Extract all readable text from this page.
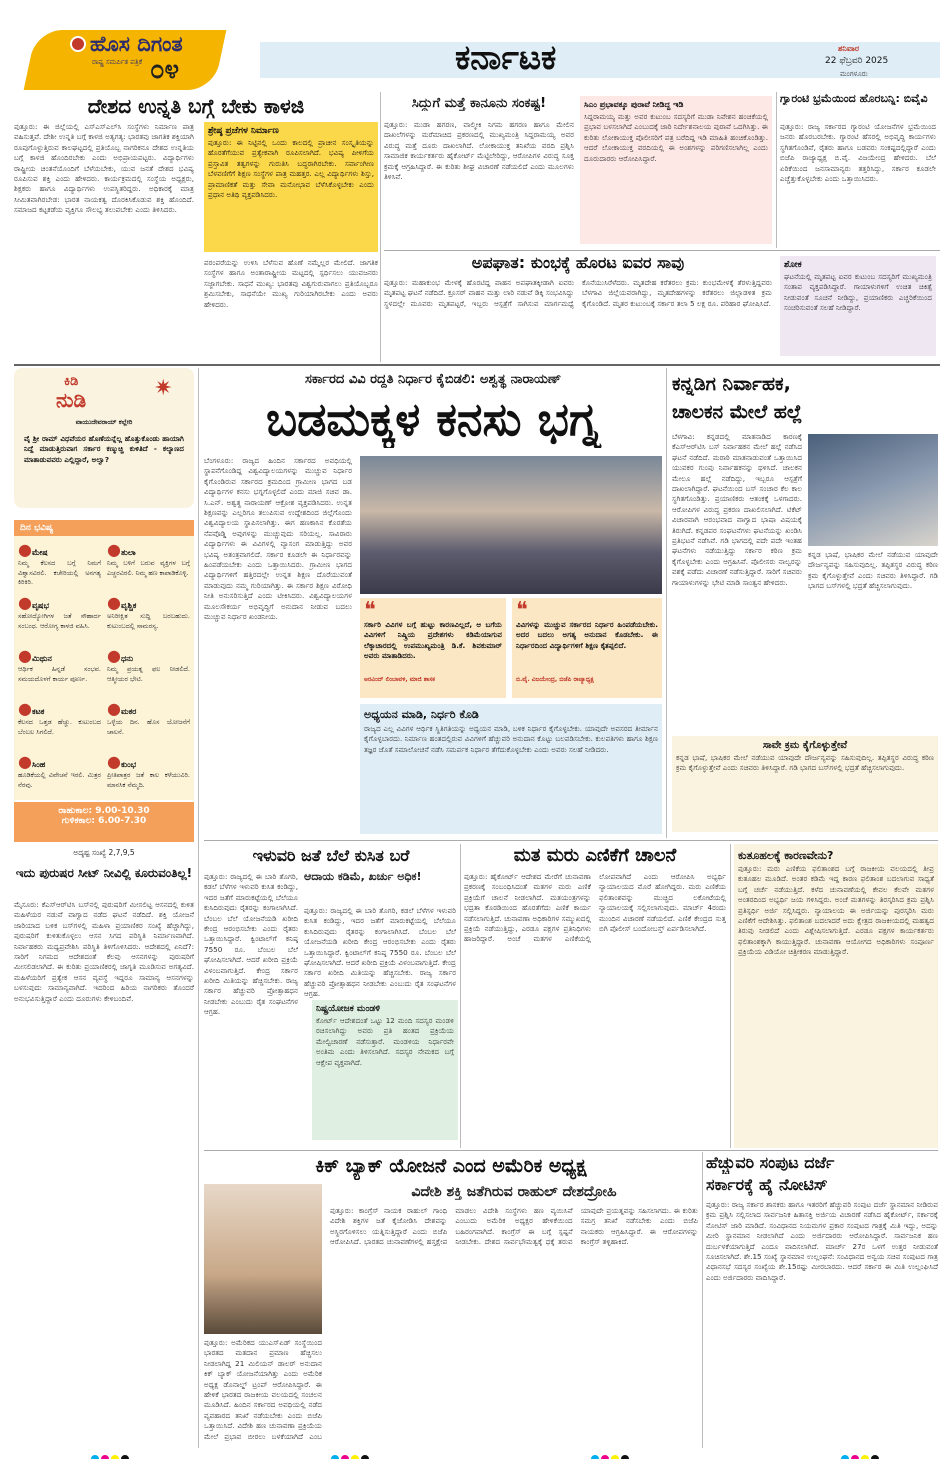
ಹೊಸ ದಿಗಂತ
ರಾಷ್ಟ್ರ ಸಮರ್ಪಿತ ಪತ್ರಿಕೆ ೦೪	ಕರ್ನಾಟಕ	ಶನಿವಾರ
22 ಫೆಬ್ರವರಿ 2025
ಮಂಗಳೂರು
ದೇಶದ ಉನ್ನತಿ ಬಗ್ಗೆ ಬೇಕು ಕಾಳಜಿ
ಪುತ್ತೂರು: ಈ ಜಿಲ್ಲೆಯಲ್ಲಿ ಎಸ್‌ಎಸ್‌ಎಲ್‌ಸಿ ಸಂಸ್ಥೆಗಳು ನಿರ್ಮಾಣ ಪಾತ್ರ ವಹಿಸುತ್ತವೆ. ದೇಶೀ ಉನ್ನತಿ ಬಗ್ಗೆ ಕಾಳಜಿ ಅತ್ಯಗತ್ಯ: ಭಾರತವು ಜಾಗತಿಕ ಶಕ್ತಿಯಾಗಿ ರೂಪುಗೊಳ್ಳುತ್ತಿರುವ ಕಾಲಘಟ್ಟದಲ್ಲಿ ಪ್ರತಿಯೊಬ್ಬ ನಾಗರಿಕನೂ ದೇಶದ ಉನ್ನತಿಯ ಬಗ್ಗೆ ಕಾಳಜಿ ಹೊಂದಿರಬೇಕು ಎಂದು ಅಭಿಪ್ರಾಯಪಟ್ಟರು. ವಿದ್ಯಾರ್ಥಿಗಳು ರಾಷ್ಟ್ರೀಯ ಚಿಂತನೆಯೊಂದಿಗೆ ಬೆಳೆಯಬೇಕು, ಯುವ ಜನತೆ ದೇಶದ ಭವಿಷ್ಯ ರೂಪಿಸುವ ಶಕ್ತಿ ಎಂದು ಹೇಳಿದರು. ಕಾರ್ಯಕ್ರಮದಲ್ಲಿ ಸಂಸ್ಥೆಯ ಅಧ್ಯಕ್ಷರು, ಶಿಕ್ಷಕರು ಹಾಗೂ ವಿದ್ಯಾರ್ಥಿಗಳು ಉಪಸ್ಥಿತರಿದ್ದರು. ಅಧಿಕಾರಕ್ಕೆ ಮಾತ್ರ ಸೀಮಿತವಾಗಿರಬೇಡ: ಭಾರತ ನಾಯಕತ್ವ ದೊರಕಿಸಿಕೊಡುವ ಶಕ್ತಿ ಹೊಂದಿದೆ. ಸಮಾಜದ ಕಟ್ಟಕಡೆಯ ವ್ಯಕ್ತಿಗೂ ಸೌಲಭ್ಯ ತಲುಪಬೇಕು ಎಂದು ತಿಳಿಸಿದರು.
ಶ್ರೇಷ್ಠ ಪ್ರಜೆಗಳ ನಿರ್ಮಾಣ
ಪುತ್ತೂರು: ಈ ನಿಟ್ಟಿನಲ್ಲಿ ಒಂದು ಕಾಲದಲ್ಲಿ ಪ್ರಾಚೀನ ಸಂಸ್ಕೃತಿಯನ್ನು ಹೊರತೆಗೆಯುವ ಪ್ರತ್ಯೇಕವಾಗಿ ರೂಪಿಸಲಾಗಿದೆ. ಭವಿಷ್ಯ ಪೀಳಿಗೆಯ ಪ್ರಸ್ತಾವಿತ ತತ್ವಗಳನ್ನು ಗುರುತಿಸಿ ಬದ್ಧರಾಗಿರಬೇಕು. ಸರ್ವಾಂಗೀಣ ಬೆಳವಣಿಗೆಗೆ ಶಿಕ್ಷಣ ಸಂಸ್ಥೆಗಳ ಪಾತ್ರ ಮಹತ್ತರ. ಎಲ್ಲ ವಿದ್ಯಾರ್ಥಿಗಳು ಶಿಸ್ತು, ಪ್ರಾಮಾಣಿಕತೆ ಮತ್ತು ಸೇವಾ ಮನೋಭಾವ ಬೆಳೆಸಿಕೊಳ್ಳಬೇಕು ಎಂದು ಪ್ರಧಾನ ಅತಿಥಿ ವ್ಯಕ್ತಪಡಿಸಿದರು.
ಪರಂಪರೆಯನ್ನು ಉಳಿಸಿ ಬೆಳೆಸುವ ಹೊಣೆ ನಮ್ಮೆಲ್ಲರ ಮೇಲಿದೆ. ಜಾಗತಿಕ ಸಂಸ್ಥೆಗಳ ಹಾಗೂ ಅಂತಾರಾಷ್ಟ್ರೀಯ ಮಟ್ಟದಲ್ಲಿ ಸ್ಪರ್ಧಿಸಲು ಯುವಜನರು ಸಜ್ಜಾಗಬೇಕು. ಸಾಧನೆ ಮುಖ್ಯ: ಭಾರತವು ವಿಶ್ವಗುರುವಾಗಲು ಪ್ರತಿಯೊಬ್ಬರೂ ಶ್ರಮಿಸಬೇಕು, ಸಾಧನೆಯೇ ಮುಖ್ಯ ಗುರಿಯಾಗಿರಬೇಕು ಎಂದು ಅವರು ಹೇಳಿದರು.
ಸಿದ್ದುಗೆ ಮತ್ತೆ ಕಾನೂನು ಸಂಕಷ್ಟ!
ಪುತ್ತೂರು: ಮುಡಾ ಹಗರಣ, ವಾಲ್ಮೀಕಿ ನಿಗಮ ಹಗರಣ ಹಾಗೂ ಮೇಲಿನ ದಾಖಲೆಗಳನ್ನು ಮರೆಮಾಚಿದ ಪ್ರಕರಣದಲ್ಲಿ ಮುಖ್ಯಮಂತ್ರಿ ಸಿದ್ದರಾಮಯ್ಯ ಅವರ ವಿರುದ್ಧ ಮತ್ತೆ ದೂರು ದಾಖಲಾಗಿದೆ. ಲೋಕಾಯುಕ್ತ ತನಿಖೆಯ ವರದಿ ಪ್ರಶ್ನಿಸಿ ಸಾಮಾಜಿಕ ಕಾರ್ಯಕರ್ತರು ಹೈಕೋರ್ಟ್ ಮೆಟ್ಟಿಲೇರಿದ್ದು, ಆರೋಪಿಗಳ ವಿರುದ್ಧ ಸೂಕ್ತ ಕ್ರಮಕ್ಕೆ ಆಗ್ರಹಿಸಿದ್ದಾರೆ. ಈ ಕುರಿತು ಶೀಘ್ರ ವಿಚಾರಣೆ ನಡೆಯಲಿದೆ ಎಂದು ಮೂಲಗಳು ತಿಳಿಸಿವೆ.
ಸಿಎಂ ಪ್ರಭಾವಕ್ಕೂ ಪುರಾವೆ ನೀಡಿದ್ದ ಇಡಿ
ಸಿದ್ದರಾಮಯ್ಯ ಮತ್ತು ಅವರ ಕುಟುಂಬ ಸದಸ್ಯರಿಗೆ ಮುಡಾ ನಿವೇಶನ ಹಂಚಿಕೆಯಲ್ಲಿ ಪ್ರಭಾವ ಬಳಸಲಾಗಿದೆ ಎಂಬುದಕ್ಕೆ ಜಾರಿ ನಿರ್ದೇಶನಾಲಯ ಪುರಾವೆ ಒದಗಿಸಿತ್ತು. ಈ ಕುರಿತು ಲೋಕಾಯುಕ್ತ ಪೊಲೀಸರಿಗೆ ಪತ್ರ ಬರೆದಿದ್ದ ಇಡಿ ಮಾಹಿತಿ ಹಂಚಿಕೊಂಡಿತ್ತು. ಆದರೆ ಲೋಕಾಯುಕ್ತ ವರದಿಯಲ್ಲಿ ಈ ಅಂಶಗಳನ್ನು ಪರಿಗಣಿಸಲಾಗಿಲ್ಲ ಎಂದು ದೂರುದಾರರು ಆರೋಪಿಸಿದ್ದಾರೆ.
ಗ್ಯಾರಂಟಿ ಭ್ರಮೆಯಿಂದ ಹೊರಬನ್ನಿ: ಬಿವೈವಿ
ಪುತ್ತೂರು: ರಾಜ್ಯ ಸರ್ಕಾರದ ಗ್ಯಾರಂಟಿ ಯೋಜನೆಗಳ ಭ್ರಮೆಯಿಂದ ಜನರು ಹೊರಬರಬೇಕು. ಗ್ಯಾರಂಟಿ ಹೆಸರಲ್ಲಿ ಅಭಿವೃದ್ಧಿ ಕಾರ್ಯಗಳು ಸ್ಥಗಿತಗೊಂಡಿವೆ, ರೈತರು ಹಾಗೂ ಬಡವರು ಸಂಕಷ್ಟದಲ್ಲಿದ್ದಾರೆ ಎಂದು ಬಿಜೆಪಿ ರಾಜ್ಯಾಧ್ಯಕ್ಷ ಬಿ.ವೈ. ವಿಜಯೇಂದ್ರ ಹೇಳಿದರು. ಬೆಲೆ ಏರಿಕೆಯಿಂದ ಜನಸಾಮಾನ್ಯರು ತತ್ತರಿಸಿದ್ದು, ಸರ್ಕಾರ ಕೂಡಲೇ ಎಚ್ಚೆತ್ತುಕೊಳ್ಳಬೇಕು ಎಂದು ಒತ್ತಾಯಿಸಿದರು.
ಅಪಘಾತ: ಕುಂಭಕ್ಕೆ ಹೊರಟ ಐವರ ಸಾವು
ಪುತ್ತೂರು: ಮಹಾಕುಂಭ ಮೇಳಕ್ಕೆ ಹೊರಟಿದ್ದ ವಾಹನ ಅಪಘಾತಕ್ಕೀಡಾಗಿ ಐವರು ಮೃತಪಟ್ಟ ಘಟನೆ ನಡೆದಿದೆ. ಕ್ರೂಸರ್ ವಾಹನ ಮತ್ತು ಲಾರಿ ನಡುವೆ ಡಿಕ್ಕಿ ಸಂಭವಿಸಿದ್ದು ಸ್ಥಳದಲ್ಲೇ ಮೂವರು ಮೃತಪಟ್ಟರೆ, ಇಬ್ಬರು ಆಸ್ಪತ್ರೆಗೆ ಸಾಗಿಸುವ ಮಾರ್ಗಮಧ್ಯೆ ಕೊನೆಯುಸಿರೆಳೆದರು. ಮೃತದೇಹ ಕರೆತರಲು ಕ್ರಮ: ಕುಂಭಮೇಳಕ್ಕೆ ತೆರಳುತ್ತಿದ್ದವರು ಬೆಳಗಾವಿ ಜಿಲ್ಲೆಯವರಾಗಿದ್ದು, ಮೃತದೇಹಗಳನ್ನು ಕರೆತರಲು ಜಿಲ್ಲಾಡಳಿತ ಕ್ರಮ ಕೈಗೊಂಡಿದೆ. ಮೃತರ ಕುಟುಂಬಕ್ಕೆ ಸರ್ಕಾರ ತಲಾ 5 ಲಕ್ಷ ರೂ. ಪರಿಹಾರ ಘೋಷಿಸಿದೆ.
ಶೋಕ
ಘಟನೆಯಲ್ಲಿ ಮೃತಪಟ್ಟ ಐವರ ಕುಟುಂಬ ಸದಸ್ಯರಿಗೆ ಮುಖ್ಯಮಂತ್ರಿ ಸಂತಾಪ ವ್ಯಕ್ತಪಡಿಸಿದ್ದಾರೆ. ಗಾಯಾಳುಗಳಿಗೆ ಉಚಿತ ಚಿಕಿತ್ಸೆ ನೀಡುವಂತೆ ಸೂಚನೆ ನೀಡಿದ್ದು, ಪ್ರಯಾಣಿಕರು ಎಚ್ಚರಿಕೆಯಿಂದ ಸಂಚರಿಸುವಂತೆ ಸಲಹೆ ನೀಡಿದ್ದಾರೆ.
ಕಿಡಿ
ನುಡಿ	✷
ವಾಯುದೇವರಾಯ್ ಕಲ್ಲೇರಿ
ವೈ ಶ್ರೀ ರಾಮ್ ವಿಧವೆಯರ ಹೊಣೆಯನ್ನೆಲ್ಲ ಹೊತ್ತುಕೊಂಡು ಹಾಯಾಗಿ ನಿದ್ದೆ ಮಾಡುತ್ತಿರುವಾಗ ಸರ್ಕಾರ ಕಣ್ಮುಚ್ಚಿ ಕುಳಿತಿದೆ - ಕಲ್ಯಾಣದ ಮಾತಾಡುವವರು ಎಲ್ಲಿದ್ದಾರೆ, ಅಲ್ವಾ?
ದಿನ ಭವಿಷ್ಯ
●ಮೇಷ
ನಿಮ್ಮ ಕೆಲಸದ ಬಗ್ಗೆ ನಿಮಗೆ ವಿಶ್ವಾಸವಿರಲಿ. ಕಚೇರಿಯಲ್ಲಿ ಅನಗತ್ಯ ಕಿರಿಕಿರಿ.
●ತುಲಾ
ನಿಮ್ಮ ಬಳಿಗೆ ಬರುವ ವ್ಯಕ್ತಿಗಳ ಬಗ್ಗೆ ಎಚ್ಚರವಿರಲಿ. ನಿಮ್ಮ ಹಣ ಕಾಪಾಡಿಕೊಳ್ಳಿ.
●ವೃಷಭ
ಸಹೋದ್ಯೋಗಿಗಳ ಜತೆ ಸೌಹಾರ್ದ ಸಂಬಂಧ. ಆರೋಗ್ಯ ಕಾಳಜಿ ವಹಿಸಿ.
●ವೃಶ್ಚಿಕ
ಅನಿರೀಕ್ಷಿತ ಸುದ್ದಿ ಬರಬಹುದು. ಕುಟುಂಬದಲ್ಲಿ ಸಾಮರಸ್ಯ.
●ಮಿಥುನ
ಆರ್ಥಿಕ ಹಿನ್ನಡೆ ಸಂಭವ. ಸಮಯದೊಳಗೆ ಕಾರ್ಯ ಪೂರ್ಣ.
●ಧನು
ನಿಮ್ಮ ಪ್ರಯತ್ನ ಫಲ ನೀಡಲಿದೆ. ಆತ್ಮೀಯರ ಭೇಟಿ.
●ಕಟಕ
ಕೆಲಸದ ಒತ್ತಡ ಹೆಚ್ಚು. ಕುಟುಂಬದ ಬೆಂಬಲ ಸಿಗಲಿದೆ.
●ಮಕರ
ಒಳ್ಳೆಯ ದಿನ. ಹೊಸ ಯೋಜನೆಗೆ ಚಾಲನೆ.
●ಸಿಂಹ
ಹೂಡಿಕೆಯಲ್ಲಿ ವಿವೇಚನೆ ಇರಲಿ. ಮಿತ್ರರ ನೆರವು.
●ಕುಂಭ
ಪ್ರೀತಿಪಾತ್ರರ ಜತೆ ಕಾಲ ಕಳೆಯುವಿರಿ. ಮಾನಸಿಕ ನೆಮ್ಮದಿ.
ರಾಹುಕಾಲ: 9.00-10.30
ಗುಳಿಕಕಾಲ: 6.00-7.30
ಅದೃಷ್ಟ ಸಂಖ್ಯೆ 2,7,9,5
ಇದು ಪುರುಷರ ಸೀಟ್ ನೀವಿಲ್ಲಿ ಕೂರುವಂತಿಲ್ಲ!
ಮೈಸೂರು: ಕೆಎಸ್‌ಆರ್‌ಟಿಸಿ ಬಸ್‌ನಲ್ಲಿ ಪುರುಷರಿಗೆ ಮೀಸಲಿಟ್ಟ ಆಸನದಲ್ಲಿ ಕುಳಿತ ಮಹಿಳೆಯರ ನಡುವೆ ವಾಗ್ವಾದ ನಡೆದ ಘಟನೆ ನಡೆದಿದೆ. ಶಕ್ತಿ ಯೋಜನೆ ಜಾರಿಯಾದ ಬಳಿಕ ಬಸ್‌ಗಳಲ್ಲಿ ಮಹಿಳಾ ಪ್ರಯಾಣಿಕರ ಸಂಖ್ಯೆ ಹೆಚ್ಚಾಗಿದ್ದು, ಪುರುಷರಿಗೆ ಕುಳಿತುಕೊಳ್ಳಲು ಆಸನ ಸಿಗದ ಪರಿಸ್ಥಿತಿ ನಿರ್ಮಾಣವಾಗಿದೆ. ನಿರ್ವಾಹಕರು ಮಧ್ಯಪ್ರವೇಶಿಸಿ ಪರಿಸ್ಥಿತಿ ತಿಳಿಗೊಳಿಸಿದರು. ಆದೇಶದಲ್ಲಿ ಏನಿದೆ?: ಸಾರಿಗೆ ನಿಗಮದ ಆದೇಶದಂತೆ ಕೆಲವು ಆಸನಗಳನ್ನು ಪುರುಷರಿಗೆ ಮೀಸಲಿಡಲಾಗಿದೆ. ಈ ಕುರಿತು ಪ್ರಯಾಣಿಕರಲ್ಲಿ ಜಾಗೃತಿ ಮೂಡಿಸುವ ಅಗತ್ಯವಿದೆ. ಮಹಿಳೆಯರಿಗೆ ಪ್ರತ್ಯೇಕ ಆಸನ ವ್ಯವಸ್ಥೆ ಇದ್ದರೂ ಸಾಮಾನ್ಯ ಆಸನಗಳನ್ನು ಬಳಸುವುದು ಸಾಮಾನ್ಯವಾಗಿದೆ. ಇದರಿಂದ ಹಿರಿಯ ನಾಗರಿಕರು ತೊಂದರೆ ಅನುಭವಿಸುತ್ತಿದ್ದಾರೆ ಎಂದು ದೂರುಗಳು ಕೇಳಿಬಂದಿವೆ.
ಸರ್ಕಾರದ ವಿವಿ ರದ್ದತಿ ನಿರ್ಧಾರ ಕೈಬಿಡಲಿ: ಅಶ್ವತ್ಥ ನಾರಾಯಣ್
ಬಡಮಕ್ಕಳ ಕನಸು ಭಗ್ನ
ಬೆಂಗಳೂರು: ರಾಜ್ಯದ ಹಿಂದಿನ ಸರ್ಕಾರದ ಅವಧಿಯಲ್ಲಿ ಸ್ಥಾಪನೆಗೊಂಡಿದ್ದ ವಿಶ್ವವಿದ್ಯಾಲಯಗಳನ್ನು ಮುಚ್ಚುವ ನಿರ್ಧಾರ ಕೈಗೊಂಡಿರುವ ಸರ್ಕಾರದ ಕ್ರಮದಿಂದ ಗ್ರಾಮೀಣ ಭಾಗದ ಬಡ ವಿದ್ಯಾರ್ಥಿಗಳ ಕನಸು ಭಗ್ನಗೊಳ್ಳಲಿದೆ ಎಂದು ಮಾಜಿ ಸಚಿವ ಡಾ. ಸಿ.ಎನ್. ಅಶ್ವತ್ಥ ನಾರಾಯಣ್ ಆಕ್ರೋಶ ವ್ಯಕ್ತಪಡಿಸಿದರು. ಉನ್ನತ ಶಿಕ್ಷಣವನ್ನು ಎಲ್ಲರಿಗೂ ತಲುಪಿಸುವ ಉದ್ದೇಶದಿಂದ ಜಿಲ್ಲೆಗೊಂದು ವಿಶ್ವವಿದ್ಯಾಲಯ ಸ್ಥಾಪಿಸಲಾಗಿತ್ತು. ಈಗ ಹಣಕಾಸಿನ ಕೊರತೆಯ ನೆಪವೊಡ್ಡಿ ಅವುಗಳನ್ನು ಮುಚ್ಚುವುದು ಸರಿಯಲ್ಲ. ಸಾವಿರಾರು ವಿದ್ಯಾರ್ಥಿಗಳು ಈ ವಿವಿಗಳಲ್ಲಿ ವ್ಯಾಸಂಗ ಮಾಡುತ್ತಿದ್ದು ಅವರ ಭವಿಷ್ಯ ಅತಂತ್ರವಾಗಲಿದೆ. ಸರ್ಕಾರ ಕೂಡಲೇ ಈ ನಿರ್ಧಾರವನ್ನು ಹಿಂಪಡೆಯಬೇಕು ಎಂದು ಒತ್ತಾಯಿಸಿದರು. ಗ್ರಾಮೀಣ ಭಾಗದ ವಿದ್ಯಾರ್ಥಿಗಳಿಗೆ ಹತ್ತಿರದಲ್ಲೇ ಉನ್ನತ ಶಿಕ್ಷಣ ದೊರೆಯುವಂತೆ ಮಾಡುವುದು ನಮ್ಮ ಗುರಿಯಾಗಿತ್ತು. ಈ ಸರ್ಕಾರ ಶಿಕ್ಷಣ ವಿರೋಧಿ ನೀತಿ ಅನುಸರಿಸುತ್ತಿದೆ ಎಂದು ಟೀಕಿಸಿದರು. ವಿಶ್ವವಿದ್ಯಾಲಯಗಳ ಮೂಲಸೌಕರ್ಯ ಅಭಿವೃದ್ಧಿಗೆ ಅನುದಾನ ನೀಡುವ ಬದಲು ಮುಚ್ಚುವ ನಿರ್ಧಾರ ಖಂಡನೀಯ.	❝
ಸರ್ಕಾರಿ ವಿವಿಗಳ ಬಗ್ಗೆ ಹುಟ್ಟು ಕಾರಣವಿಲ್ಲದೆ, ಆ ಬಗೆಯ ವಿವಿಗಳಿಗೆ ನಿಷ್ಕ್ರಿಯ ಪ್ರದೇಶಗಳು ಕಡಿಮೆಯಾಗುವ ಲೆಕ್ಕಾಚಾರದಲ್ಲಿ ಉಪಮುಖ್ಯಮಂತ್ರಿ ಡಿ.ಕೆ. ಶಿವಕುಮಾರ್ ಅವರು ಮಾತಾಡಿದರು.
ಅರವಿಂದ್ ಲಿಂಬಾವಳಿ, ಮಾಜಿ ಶಾಸಕ
❝
ವಿವಿಗಳನ್ನು ಮುಚ್ಚುವ ಸರ್ಕಾರದ ನಿರ್ಧಾರ ಹಿಂಪಡೆಯಬೇಕು. ಅದರ ಬದಲು ಅಗತ್ಯ ಅನುದಾನ ಕೊಡಬೇಕು. ಈ ನಿರ್ಧಾರದಿಂದ ವಿದ್ಯಾರ್ಥಿಗಳಿಗೆ ಶಿಕ್ಷಣ ಕೈತಪ್ಪಲಿದೆ.
ಬಿ.ವೈ. ವಿಜಯೇಂದ್ರ, ಬಿಜೆಪಿ ರಾಜ್ಯಾಧ್ಯಕ್ಷ
ಅಧ್ಯಯನ ಮಾಡಿ, ನಿರ್ಧರಿ ಕೊಡಿ
ರಾಜ್ಯದ ಎಲ್ಲ ವಿವಿಗಳ ಆರ್ಥಿಕ ಸ್ಥಿತಿಗತಿಯನ್ನು ಅಧ್ಯಯನ ಮಾಡಿ, ಬಳಿಕ ನಿರ್ಧಾರ ಕೈಗೊಳ್ಳಬೇಕು. ಯಾವುದೇ ಅವಸರದ ತೀರ್ಮಾನ ಕೈಗೊಳ್ಳಬಾರದು. ನಿರ್ಮಾಣ ಹಂತದಲ್ಲಿರುವ ವಿವಿಗಳಿಗೆ ಹೆಚ್ಚುವರಿ ಅನುದಾನ ಕೊಟ್ಟು ಬಲಪಡಿಸಬೇಕು. ಕುಲಪತಿಗಳು ಹಾಗೂ ಶಿಕ್ಷಣ ತಜ್ಞರ ಜೊತೆ ಸಮಾಲೋಚನೆ ನಡೆಸಿ ಸಮರ್ಪಕ ನಿರ್ಧಾರ ತೆಗೆದುಕೊಳ್ಳಬೇಕು ಎಂದು ಅವರು ಸಲಹೆ ನೀಡಿದರು.
ಕನ್ನಡಿಗ ನಿರ್ವಾಹಕ,
ಚಾಲಕನ ಮೇಲೆ ಹಲ್ಲೆ
ಬೆಳಗಾವಿ: ಕನ್ನಡದಲ್ಲಿ ಮಾತನಾಡಿದ ಕಾರಣಕ್ಕೆ ಕೆಎಸ್‌ಆರ್‌ಟಿಸಿ ಬಸ್ ನಿರ್ವಾಹಕನ ಮೇಲೆ ಹಲ್ಲೆ ನಡೆಸಿದ ಘಟನೆ ನಡೆದಿದೆ. ಮರಾಠಿ ಮಾತನಾಡುವಂತೆ ಒತ್ತಾಯಿಸಿದ ಯುವಕರ ಗುಂಪು ನಿರ್ವಾಹಕನನ್ನು ಥಳಿಸಿದೆ. ಚಾಲಕನ ಮೇಲೂ ಹಲ್ಲೆ ನಡೆದಿದ್ದು, ಇಬ್ಬರೂ ಆಸ್ಪತ್ರೆಗೆ ದಾಖಲಾಗಿದ್ದಾರೆ. ಘಟನೆಯಿಂದ ಬಸ್ ಸಂಚಾರ ಕೆಲ ಕಾಲ ಸ್ಥಗಿತಗೊಂಡಿತ್ತು. ಪ್ರಯಾಣಿಕರು ಆತಂಕಕ್ಕೆ ಒಳಗಾದರು. ಆರೋಪಿಗಳ ವಿರುದ್ಧ ಪ್ರಕರಣ ದಾಖಲಿಸಲಾಗಿದೆ. ಟಿಕೆಟ್ ವಿಚಾರವಾಗಿ ಆರಂಭವಾದ ವಾಗ್ವಾದ ಭಾಷಾ ವಿಷಯಕ್ಕೆ ತಿರುಗಿದೆ. ಕನ್ನಡಪರ ಸಂಘಟನೆಗಳು ಘಟನೆಯನ್ನು ಖಂಡಿಸಿ ಪ್ರತಿಭಟನೆ ನಡೆಸಿವೆ. ಗಡಿ ಭಾಗದಲ್ಲಿ ಪದೇ ಪದೇ ಇಂತಹ ಘಟನೆಗಳು ನಡೆಯುತ್ತಿದ್ದು ಸರ್ಕಾರ ಕಠಿಣ ಕ್ರಮ ಕೈಗೊಳ್ಳಬೇಕು ಎಂದು ಆಗ್ರಹಿಸಿವೆ. ಪೊಲೀಸರು ನಾಲ್ವರನ್ನು ವಶಕ್ಕೆ ಪಡೆದು ವಿಚಾರಣೆ ನಡೆಸುತ್ತಿದ್ದಾರೆ. ಸಾರಿಗೆ ಸಚಿವರು ಗಾಯಾಳುಗಳನ್ನು ಭೇಟಿ ಮಾಡಿ ಸಾಂತ್ವನ ಹೇಳಿದರು.
ಕನ್ನಡ ಭಾಷೆ, ಭಾಷಿಕರ ಮೇಲೆ ನಡೆಯುವ ಯಾವುದೇ ದೌರ್ಜನ್ಯವನ್ನು ಸಹಿಸುವುದಿಲ್ಲ. ತಪ್ಪಿತಸ್ಥರ ವಿರುದ್ಧ ಕಠಿಣ ಕ್ರಮ ಕೈಗೊಳ್ಳುತ್ತೇವೆ ಎಂದು ಸಚಿವರು ತಿಳಿಸಿದ್ದಾರೆ. ಗಡಿ ಭಾಗದ ಬಸ್‌ಗಳಲ್ಲಿ ಭದ್ರತೆ ಹೆಚ್ಚಿಸಲಾಗುವುದು.
ಸಾವೇ ಕ್ರಮ ಕೈಗೊಳ್ಳುತ್ತೇವೆ
ಕನ್ನಡ ಭಾಷೆ, ಭಾಷಿಕರ ಮೇಲೆ ನಡೆಯುವ ಯಾವುದೇ ದೌರ್ಜನ್ಯವನ್ನು ಸಹಿಸುವುದಿಲ್ಲ. ತಪ್ಪಿತಸ್ಥರ ವಿರುದ್ಧ ಕಠಿಣ ಕ್ರಮ ಕೈಗೊಳ್ಳುತ್ತೇವೆ ಎಂದು ಸಚಿವರು ತಿಳಿಸಿದ್ದಾರೆ. ಗಡಿ ಭಾಗದ ಬಸ್‌ಗಳಲ್ಲಿ ಭದ್ರತೆ ಹೆಚ್ಚಿಸಲಾಗುವುದು.
ಇಳುವರಿ ಜತೆ ಬೆಲೆ ಕುಸಿತ ಬರೆ
ಆದಾಯ ಕಡಿಮೆ, ಖರ್ಚು ಅಧಿಕ!
ಪುತ್ತೂರು: ರಾಜ್ಯದಲ್ಲಿ ಈ ಬಾರಿ ತೊಗರಿ, ಕಡಲೆ ಬೆಳೆಗಳ ಇಳುವರಿ ಕುಸಿತ ಕಂಡಿದ್ದು, ಇದರ ಜತೆಗೆ ಮಾರುಕಟ್ಟೆಯಲ್ಲಿ ಬೆಲೆಯೂ ಕುಸಿದಿರುವುದು ರೈತರನ್ನು ಕಂಗಾಲಾಗಿಸಿದೆ. ಬೆಂಬಲ ಬೆಲೆ ಯೋಜನೆಯಡಿ ಖರೀದಿ ಕೇಂದ್ರ ಆರಂಭಿಸಬೇಕು ಎಂದು ರೈತರು ಒತ್ತಾಯಿಸಿದ್ದಾರೆ. ಕ್ವಿಂಟಾಲ್‌ಗೆ ಕನಿಷ್ಠ 7550 ರೂ. ಬೆಂಬಲ ಬೆಲೆ ಘೋಷಿಸಲಾಗಿದೆ. ಆದರೆ ಖರೀದಿ ಪ್ರಕ್ರಿಯೆ ವಿಳಂಬವಾಗುತ್ತಿದೆ. ಕೇಂದ್ರ ಸರ್ಕಾರ ಖರೀದಿ ಮಿತಿಯನ್ನು ಹೆಚ್ಚಿಸಬೇಕು. ರಾಜ್ಯ ಸರ್ಕಾರ ಹೆಚ್ಚುವರಿ ಪ್ರೋತ್ಸಾಹಧನ ನೀಡಬೇಕು ಎಂಬುದು ರೈತ ಸಂಘಟನೆಗಳ ಆಗ್ರಹ.
ಪುತ್ತೂರು: ರಾಜ್ಯದಲ್ಲಿ ಈ ಬಾರಿ ತೊಗರಿ, ಕಡಲೆ ಬೆಳೆಗಳ ಇಳುವರಿ ಕುಸಿತ ಕಂಡಿದ್ದು, ಇದರ ಜತೆಗೆ ಮಾರುಕಟ್ಟೆಯಲ್ಲಿ ಬೆಲೆಯೂ ಕುಸಿದಿರುವುದು ರೈತರನ್ನು ಕಂಗಾಲಾಗಿಸಿದೆ. ಬೆಂಬಲ ಬೆಲೆ ಯೋಜನೆಯಡಿ ಖರೀದಿ ಕೇಂದ್ರ ಆರಂಭಿಸಬೇಕು ಎಂದು ರೈತರು ಒತ್ತಾಯಿಸಿದ್ದಾರೆ. ಕ್ವಿಂಟಾಲ್‌ಗೆ ಕನಿಷ್ಠ 7550 ರೂ. ಬೆಂಬಲ ಬೆಲೆ ಘೋಷಿಸಲಾಗಿದೆ. ಆದರೆ ಖರೀದಿ ಪ್ರಕ್ರಿಯೆ ವಿಳಂಬವಾಗುತ್ತಿದೆ. ಕೇಂದ್ರ ಸರ್ಕಾರ ಖರೀದಿ ಮಿತಿಯನ್ನು ಹೆಚ್ಚಿಸಬೇಕು. ರಾಜ್ಯ ಸರ್ಕಾರ ಹೆಚ್ಚುವರಿ ಪ್ರೋತ್ಸಾಹಧನ ನೀಡಬೇಕು ಎಂಬುದು ರೈತ ಸಂಘಟನೆಗಳ ಆಗ್ರಹ.
ಮತ ಮರು ಎಣಿಕೆಗೆ ಚಾಲನೆ
ಪುತ್ತೂರು: ಹೈಕೋರ್ಟ್ ಆದೇಶದ ಮೇರೆಗೆ ಚುನಾವಣಾ ಪ್ರಕರಣಕ್ಕೆ ಸಂಬಂಧಿಸಿದಂತೆ ಮತಗಳ ಮರು ಎಣಿಕೆ ಪ್ರಕ್ರಿಯೆಗೆ ಚಾಲನೆ ನೀಡಲಾಗಿದೆ. ಮತಯಂತ್ರಗಳನ್ನು ಭದ್ರತಾ ಕೊಠಡಿಯಿಂದ ಹೊರತೆಗೆದು ಎಣಿಕೆ ಕಾರ್ಯ ನಡೆಸಲಾಗುತ್ತಿದೆ. ಚುನಾವಣಾ ಅಧಿಕಾರಿಗಳ ಸಮ್ಮುಖದಲ್ಲಿ ಪ್ರಕ್ರಿಯೆ ನಡೆಯುತ್ತಿದ್ದು, ಎರಡೂ ಪಕ್ಷಗಳ ಪ್ರತಿನಿಧಿಗಳು ಹಾಜರಿದ್ದಾರೆ. ಅಂಚೆ ಮತಗಳ ಎಣಿಕೆಯಲ್ಲಿ ಲೋಪವಾಗಿದೆ ಎಂದು ಆರೋಪಿಸಿ ಅಭ್ಯರ್ಥಿ ನ್ಯಾಯಾಲಯದ ಮೊರೆ ಹೋಗಿದ್ದರು. ಮರು ಎಣಿಕೆಯ ಫಲಿತಾಂಶವನ್ನು ಮುಚ್ಚಿದ ಲಕೋಟೆಯಲ್ಲಿ ನ್ಯಾಯಾಲಯಕ್ಕೆ ಸಲ್ಲಿಸಲಾಗುವುದು. ಮಾರ್ಚ್ 4ರಂದು ಮುಂದಿನ ವಿಚಾರಣೆ ನಡೆಯಲಿದೆ. ಎಣಿಕೆ ಕೇಂದ್ರದ ಸುತ್ತ ಬಿಗಿ ಪೊಲೀಸ್ ಬಂದೋಬಸ್ತ್ ಏರ್ಪಡಿಸಲಾಗಿದೆ.
ನಿಷ್ಪ್ರಯೋಜಕ ಮಂಡಳಿ
ಕೋರ್ಟ್ ಆದೇಶದಂತೆ ಒಟ್ಟು 12 ಮಂದಿ ಸದಸ್ಯರ ಮಂಡಳಿ ರಚಿಸಲಾಗಿದ್ದು ಅವರು ಪ್ರತಿ ಹಂತದ ಪ್ರಕ್ರಿಯೆಯ ಮೇಲ್ವಿಚಾರಣೆ ನಡೆಸುತ್ತಾರೆ. ಮಂಡಳಿಯ ನಿರ್ಧಾರವೇ ಅಂತಿಮ ಎಂದು ತಿಳಿಸಲಾಗಿದೆ. ಸದಸ್ಯರ ನೇಮಕದ ಬಗ್ಗೆ ಆಕ್ಷೇಪ ವ್ಯಕ್ತವಾಗಿದೆ.
ಕುತೂಹಲಕ್ಕೆ ಕಾರಣವೇನು?
ಪುತ್ತೂರು: ಮರು ಎಣಿಕೆಯ ಫಲಿತಾಂಶದ ಬಗ್ಗೆ ರಾಜಕೀಯ ವಲಯದಲ್ಲಿ ತೀವ್ರ ಕುತೂಹಲ ಮೂಡಿದೆ. ಅಂತರ ಕಡಿಮೆ ಇದ್ದ ಕಾರಣ ಫಲಿತಾಂಶ ಬದಲಾಗುವ ಸಾಧ್ಯತೆ ಬಗ್ಗೆ ಚರ್ಚೆ ನಡೆಯುತ್ತಿದೆ. ಕಳೆದ ಚುನಾವಣೆಯಲ್ಲಿ ಕೇವಲ ಕೆಲವೇ ಮತಗಳ ಅಂತರದಿಂದ ಅಭ್ಯರ್ಥಿ ಜಯ ಗಳಿಸಿದ್ದರು. ಅಂಚೆ ಮತಗಳನ್ನು ತಿರಸ್ಕರಿಸಿದ ಕ್ರಮ ಪ್ರಶ್ನಿಸಿ ಪ್ರತಿಸ್ಪರ್ಧಿ ಅರ್ಜಿ ಸಲ್ಲಿಸಿದ್ದರು. ನ್ಯಾಯಾಲಯ ಈ ಅರ್ಜಿಯನ್ನು ಪುರಸ್ಕರಿಸಿ ಮರು ಎಣಿಕೆಗೆ ಆದೇಶಿಸಿತ್ತು. ಫಲಿತಾಂಶ ಬದಲಾದರೆ ಅದು ಕ್ಷೇತ್ರದ ರಾಜಕೀಯದಲ್ಲಿ ಮಹತ್ವದ ತಿರುವು ನೀಡಲಿದೆ ಎಂದು ವಿಶ್ಲೇಷಿಸಲಾಗುತ್ತಿದೆ. ಎರಡೂ ಪಕ್ಷಗಳ ಕಾರ್ಯಕರ್ತರು ಫಲಿತಾಂಶಕ್ಕಾಗಿ ಕಾಯುತ್ತಿದ್ದಾರೆ. ಚುನಾವಣಾ ಆಯೋಗದ ಅಧಿಕಾರಿಗಳು ಸಂಪೂರ್ಣ ಪ್ರಕ್ರಿಯೆಯ ವಿಡಿಯೋ ಚಿತ್ರೀಕರಣ ಮಾಡುತ್ತಿದ್ದಾರೆ.
ಕಿಕ್ ಬ್ಯಾಕ್ ಯೋಜನೆ ಎಂದ ಅಮೆರಿಕ ಅಧ್ಯಕ್ಷ
ಪುತ್ತೂರು: ಅಮೆರಿಕದ ಯುಎಸ್‌ಏಡ್ ಸಂಸ್ಥೆಯಿಂದ ಭಾರತದ ಮತದಾನ ಪ್ರಮಾಣ ಹೆಚ್ಚಿಸಲು ನೀಡಲಾಗಿದ್ದ 21 ಮಿಲಿಯನ್ ಡಾಲರ್ ಅನುದಾನ ಕಿಕ್ ಬ್ಯಾಕ್ ಯೋಜನೆಯಾಗಿತ್ತು ಎಂದು ಅಮೆರಿಕ ಅಧ್ಯಕ್ಷ ಡೊನಾಲ್ಡ್ ಟ್ರಂಪ್ ಆರೋಪಿಸಿದ್ದಾರೆ. ಈ ಹೇಳಿಕೆ ಭಾರತದ ರಾಜಕೀಯ ವಲಯದಲ್ಲಿ ಸಂಚಲನ ಮೂಡಿಸಿದೆ. ಹಿಂದಿನ ಸರ್ಕಾರದ ಅವಧಿಯಲ್ಲಿ ನಡೆದ ವ್ಯವಹಾರದ ತನಿಖೆ ನಡೆಯಬೇಕು ಎಂದು ಬಿಜೆಪಿ ಒತ್ತಾಯಿಸಿದೆ. ವಿದೇಶಿ ಹಣ ಚುನಾವಣಾ ಪ್ರಕ್ರಿಯೆಯ ಮೇಲೆ ಪ್ರಭಾವ ಬೀರಲು ಬಳಕೆಯಾಗಿದೆ ಎಂಬ
ವಿದೇಶಿ ಶಕ್ತಿ ಜತೆಗಿರುವ ರಾಹುಲ್ ದೇಶದ್ರೋಹಿ
ಪುತ್ತೂರು: ಕಾಂಗ್ರೆಸ್ ನಾಯಕ ರಾಹುಲ್ ಗಾಂಧಿ ವಿದೇಶಿ ಶಕ್ತಿಗಳ ಜತೆ ಕೈಜೋಡಿಸಿ ದೇಶವನ್ನು ಅಸ್ಥಿರಗೊಳಿಸಲು ಯತ್ನಿಸುತ್ತಿದ್ದಾರೆ ಎಂದು ಬಿಜೆಪಿ ಆರೋಪಿಸಿದೆ. ಭಾರತದ ಚುನಾವಣೆಗಳಲ್ಲಿ ಹಸ್ತಕ್ಷೇಪ ಮಾಡಲು ವಿದೇಶಿ ಸಂಸ್ಥೆಗಳು ಹಣ ವ್ಯಯಿಸಿವೆ ಎಂಬುದು ಅಮೆರಿಕ ಅಧ್ಯಕ್ಷರ ಹೇಳಿಕೆಯಿಂದ ಬಹಿರಂಗವಾಗಿದೆ. ಕಾಂಗ್ರೆಸ್ ಈ ಬಗ್ಗೆ ಸ್ಪಷ್ಟನೆ ನೀಡಬೇಕು. ದೇಶದ ಸಾರ್ವಭೌಮತ್ವಕ್ಕೆ ಧಕ್ಕೆ ತರುವ ಯಾವುದೇ ಪ್ರಯತ್ನವನ್ನು ಸಹಿಸಲಾಗದು. ಈ ಕುರಿತು ಸಮಗ್ರ ತನಿಖೆ ನಡೆಸಬೇಕು ಎಂದು ಬಿಜೆಪಿ ನಾಯಕರು ಆಗ್ರಹಿಸಿದ್ದಾರೆ. ಈ ಆರೋಪಗಳನ್ನು ಕಾಂಗ್ರೆಸ್ ತಳ್ಳಿಹಾಕಿದೆ.
ಹೆಚ್ಚುವರಿ ಸಂಪುಟ ದರ್ಜೆ
ಸರ್ಕಾರಕ್ಕೆ ಹೈ ನೋಟಿಸ್
ಪುತ್ತೂರು: ರಾಜ್ಯ ಸರ್ಕಾರ ಶಾಸಕರು ಹಾಗೂ ಇತರರಿಗೆ ಹೆಚ್ಚುವರಿ ಸಂಪುಟ ದರ್ಜೆ ಸ್ಥಾನಮಾನ ನೀಡಿರುವ ಕ್ರಮ ಪ್ರಶ್ನಿಸಿ ಸಲ್ಲಿಸಲಾದ ಸಾರ್ವಜನಿಕ ಹಿತಾಸಕ್ತಿ ಅರ್ಜಿಯ ವಿಚಾರಣೆ ನಡೆಸಿದ ಹೈಕೋರ್ಟ್, ಸರ್ಕಾರಕ್ಕೆ ನೋಟಿಸ್ ಜಾರಿ ಮಾಡಿದೆ. ಸಂವಿಧಾನದ ನಿಯಮಗಳ ಪ್ರಕಾರ ಸಂಪುಟದ ಗಾತ್ರಕ್ಕೆ ಮಿತಿ ಇದ್ದು, ಅದನ್ನು ಮೀರಿ ಸ್ಥಾನಮಾನ ನೀಡಲಾಗಿದೆ ಎಂದು ಅರ್ಜಿದಾರರು ಆರೋಪಿಸಿದ್ದಾರೆ. ಸಾರ್ವಜನಿಕ ಹಣ ದುರ್ಬಳಕೆಯಾಗುತ್ತಿದೆ ಎಂದೂ ವಾದಿಸಲಾಗಿದೆ. ಮಾರ್ಚ್ 27ರ ಒಳಗೆ ಉತ್ತರ ನೀಡುವಂತೆ ಸೂಚಿಸಲಾಗಿದೆ. ಶೇ.15 ಸಂಖ್ಯೆ ಸ್ಥಾನಮಾನ ಉಲ್ಲಂಘನೆ: ಸಂವಿಧಾನದ ಅನ್ವಯ ಸಚಿವ ಸಂಪುಟದ ಗಾತ್ರ ವಿಧಾನಸಭೆ ಸದಸ್ಯರ ಸಂಖ್ಯೆಯ ಶೇ.15ರಷ್ಟು ಮೀರಬಾರದು. ಆದರೆ ಸರ್ಕಾರ ಈ ಮಿತಿ ಉಲ್ಲಂಘಿಸಿದೆ ಎಂದು ಅರ್ಜಿದಾರರು ವಾದಿಸಿದ್ದಾರೆ.
